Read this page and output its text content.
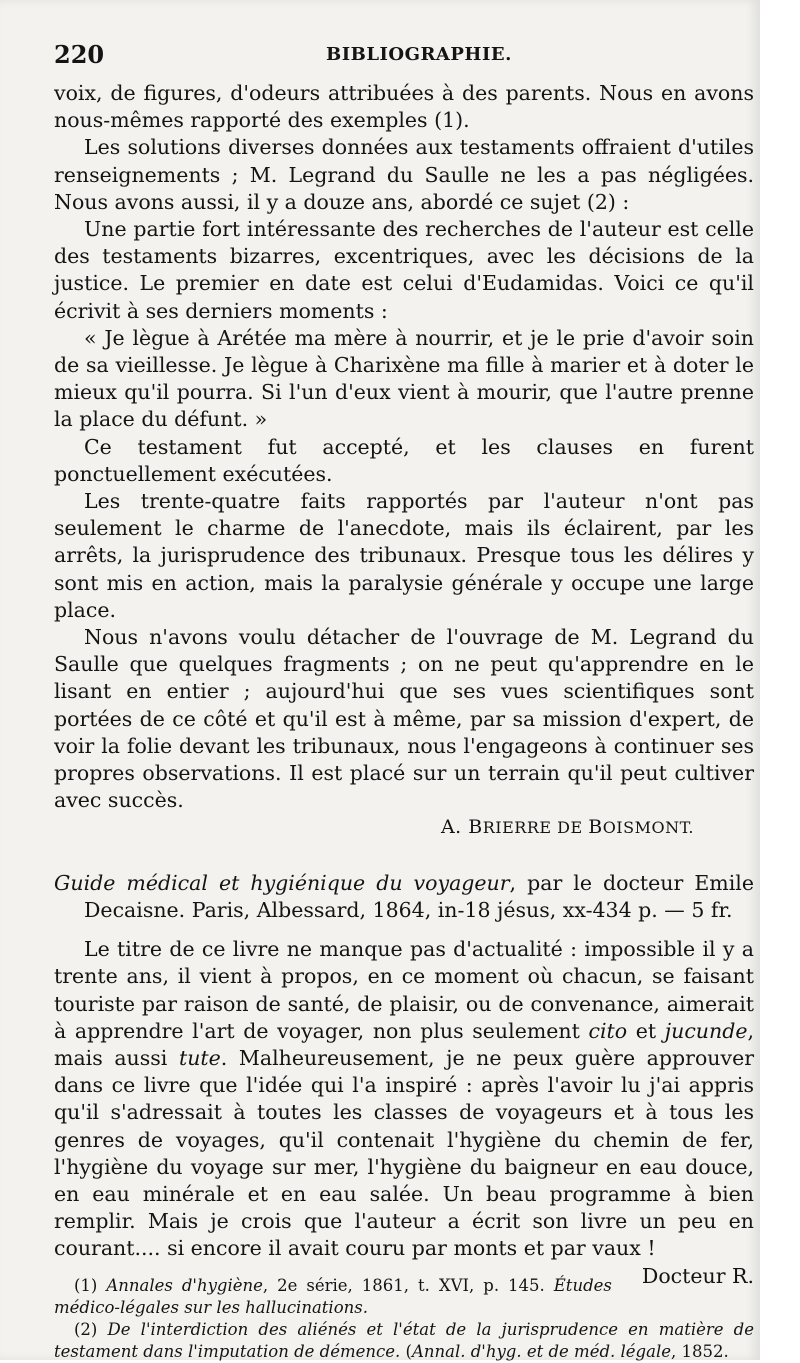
220	BIBLIOGRAPHIE.

voix, de figures, d'odeurs attribuées à des parents. Nous en avons nous-mêmes rapporté des exemples (1).

Les solutions diverses données aux testaments offraient d'utiles renseignements ; M. Legrand du Saulle ne les a pas négligées. Nous avons aussi, il y a douze ans, abordé ce sujet (2) :

Une partie fort intéressante des recherches de l'auteur est celle des testaments bizarres, excentriques, avec les décisions de la justice. Le premier en date est celui d'Eudamidas. Voici ce qu'il écrivit à ses derniers moments :

« Je lègue à Arétée ma mère à nourrir, et je le prie d'avoir soin de sa vieillesse. Je lègue à Charixène ma fille à marier et à doter le mieux qu'il pourra. Si l'un d'eux vient à mourir, que l'autre prenne la place du défunt. »

Ce testament fut accepté, et les clauses en furent ponctuellement exécutées.

Les trente-quatre faits rapportés par l'auteur n'ont pas seulement le charme de l'anecdote, mais ils éclairent, par les arrêts, la jurisprudence des tribunaux. Presque tous les délires y sont mis en action, mais la paralysie générale y occupe une large place.

Nous n'avons voulu détacher de l'ouvrage de M. Legrand du Saulle que quelques fragments ; on ne peut qu'apprendre en le lisant en entier ; aujourd'hui que ses vues scientifiques sont portées de ce côté et qu'il est à même, par sa mission d'expert, de voir la folie devant les tribunaux, nous l'engageons à continuer ses propres observations. Il est placé sur un terrain qu'il peut cultiver avec succès.

A. BRIERRE DE BOISMONT.

Guide médical et hygiénique du voyageur, par le docteur Emile Decaisne. Paris, Albessard, 1864, in-18 jésus, xx-434 p. — 5 fr.

Le titre de ce livre ne manque pas d'actualité : impossible il y a trente ans, il vient à propos, en ce moment où chacun, se faisant touriste par raison de santé, de plaisir, ou de convenance, aimerait à apprendre l'art de voyager, non plus seulement cito et jucunde, mais aussi tute. Malheureusement, je ne peux guère approuver dans ce livre que l'idée qui l'a inspiré : après l'avoir lu j'ai appris qu'il s'adressait à toutes les classes de voyageurs et à tous les genres de voyages, qu'il contenait l'hygiène du chemin de fer, l'hygiène du voyage sur mer, l'hygiène du baigneur en eau douce, en eau minérale et en eau salée. Un beau programme à bien remplir. Mais je crois que l'auteur a écrit son livre un peu en courant.... si encore il avait couru par monts et par vaux !
Docteur R.

(1) Annales d'hygiène, 2e série, 1861, t. XVI, p. 145. Études médico-légales sur les hallucinations.

(2) De l'interdiction des aliénés et l'état de la jurisprudence en matière de testament dans l'imputation de démence. (Annal. d'hyg. et de méd. légale, 1852.
